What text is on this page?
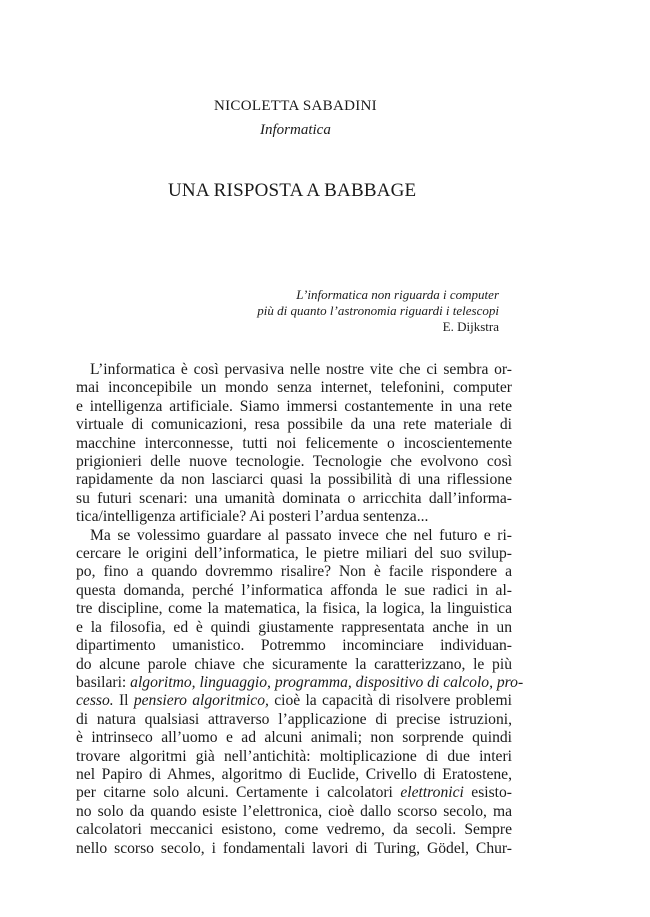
NICOLETTA SABADINI
Informatica
UNA RISPOSTA A BABBAGE
L’informatica non riguarda i computer
più di quanto l’astronomia riguardi i telescopi
E. Dijkstra
L’informatica è così pervasiva nelle nostre vite che ci sembra or-
mai inconcepibile un mondo senza internet, telefonini, computer
e intelligenza artificiale. Siamo immersi costantemente in una rete
virtuale di comunicazioni, resa possibile da una rete materiale di
macchine interconnesse, tutti noi felicemente o incoscientemente
prigionieri delle nuove tecnologie. Tecnologie che evolvono così
rapidamente da non lasciarci quasi la possibilità di una riflessione
su futuri scenari: una umanità dominata o arricchita dall’informa-
tica/intelligenza artificiale? Ai posteri l’ardua sentenza...
Ma se volessimo guardare al passato invece che nel futuro e ri-
cercare le origini dell’informatica, le pietre miliari del suo svilup-
po, fino a quando dovremmo risalire? Non è facile rispondere a
questa domanda, perché l’informatica affonda le sue radici in al-
tre discipline, come la matematica, la fisica, la logica, la linguistica
e la filosofia, ed è quindi giustamente rappresentata anche in un
dipartimento umanistico. Potremmo incominciare individuan-
do alcune parole chiave che sicuramente la caratterizzano, le più
basilari: algoritmo, linguaggio, programma, dispositivo di calcolo, pro-
cesso. Il pensiero algoritmico, cioè la capacità di risolvere problemi
di natura qualsiasi attraverso l’applicazione di precise istruzioni,
è intrinseco all’uomo e ad alcuni animali; non sorprende quindi
trovare algoritmi già nell’antichità: moltiplicazione di due interi
nel Papiro di Ahmes, algoritmo di Euclide, Crivello di Eratostene,
per citarne solo alcuni. Certamente i calcolatori elettronici esisto-
no solo da quando esiste l’elettronica, cioè dallo scorso secolo, ma
calcolatori meccanici esistono, come vedremo, da secoli. Sempre
nello scorso secolo, i fondamentali lavori di Turing, Gödel, Chur-
